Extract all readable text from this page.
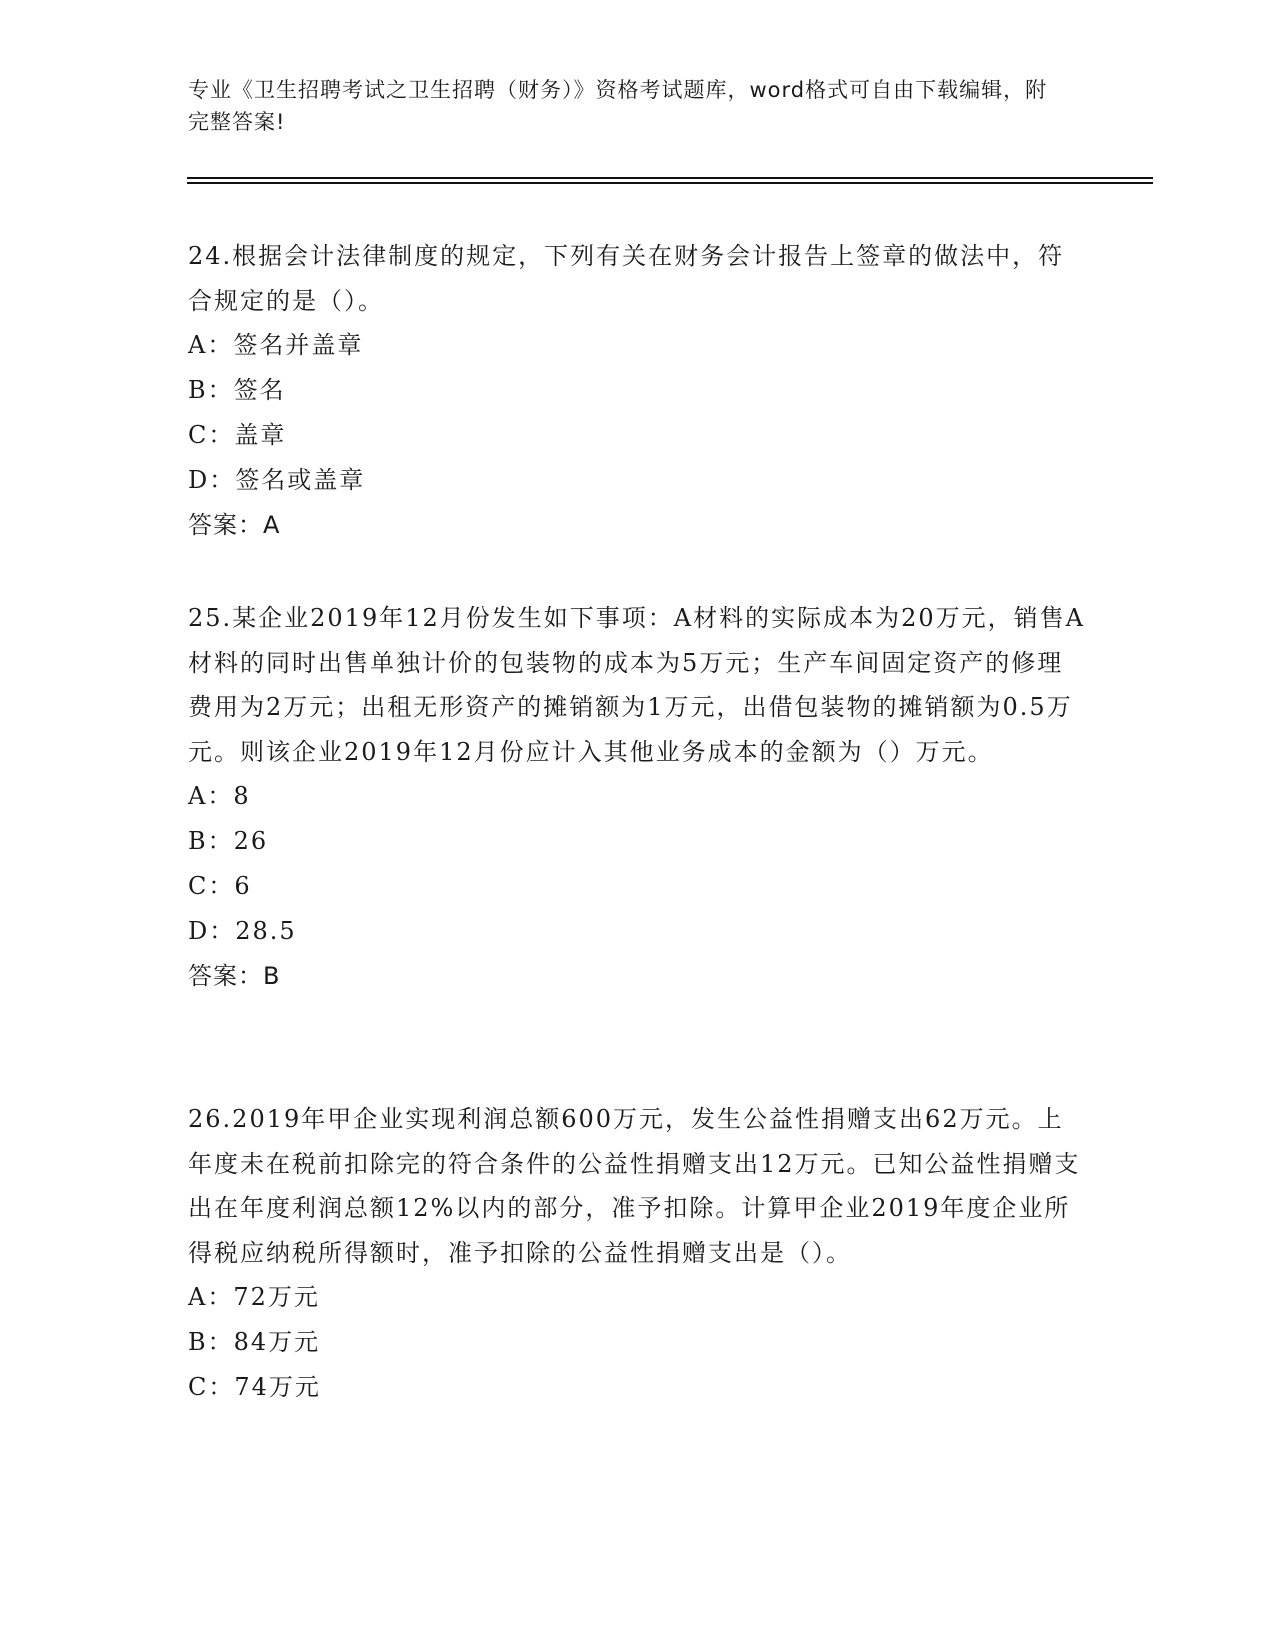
专业《卫生招聘考试之卫生招聘（财务）》资格考试题库，word格式可自由下载编辑，附完整答案!
24.根据会计法律制度的规定，下列有关在财务会计报告上签章的做法中，符合规定的是（）。
A：签名并盖章
B：签名
C：盖章
D：签名或盖章
答案：A
25.某企业2019年12月份发生如下事项：A材料的实际成本为20万元，销售A材料的同时出售单独计价的包装物的成本为5万元；生产车间固定资产的修理费用为2万元；出租无形资产的摊销额为1万元，出借包装物的摊销额为0.5万元。则该企业2019年12月份应计入其他业务成本的金额为（）万元。
A：8
B：26
C：6
D：28.5
答案：B
26.2019年甲企业实现利润总额600万元，发生公益性捐赠支出62万元。上年度未在税前扣除完的符合条件的公益性捐赠支出12万元。已知公益性捐赠支出在年度利润总额12%以内的部分，准予扣除。计算甲企业2019年度企业所得税应纳税所得额时，准予扣除的公益性捐赠支出是（）。
A：72万元
B：84万元
C：74万元
